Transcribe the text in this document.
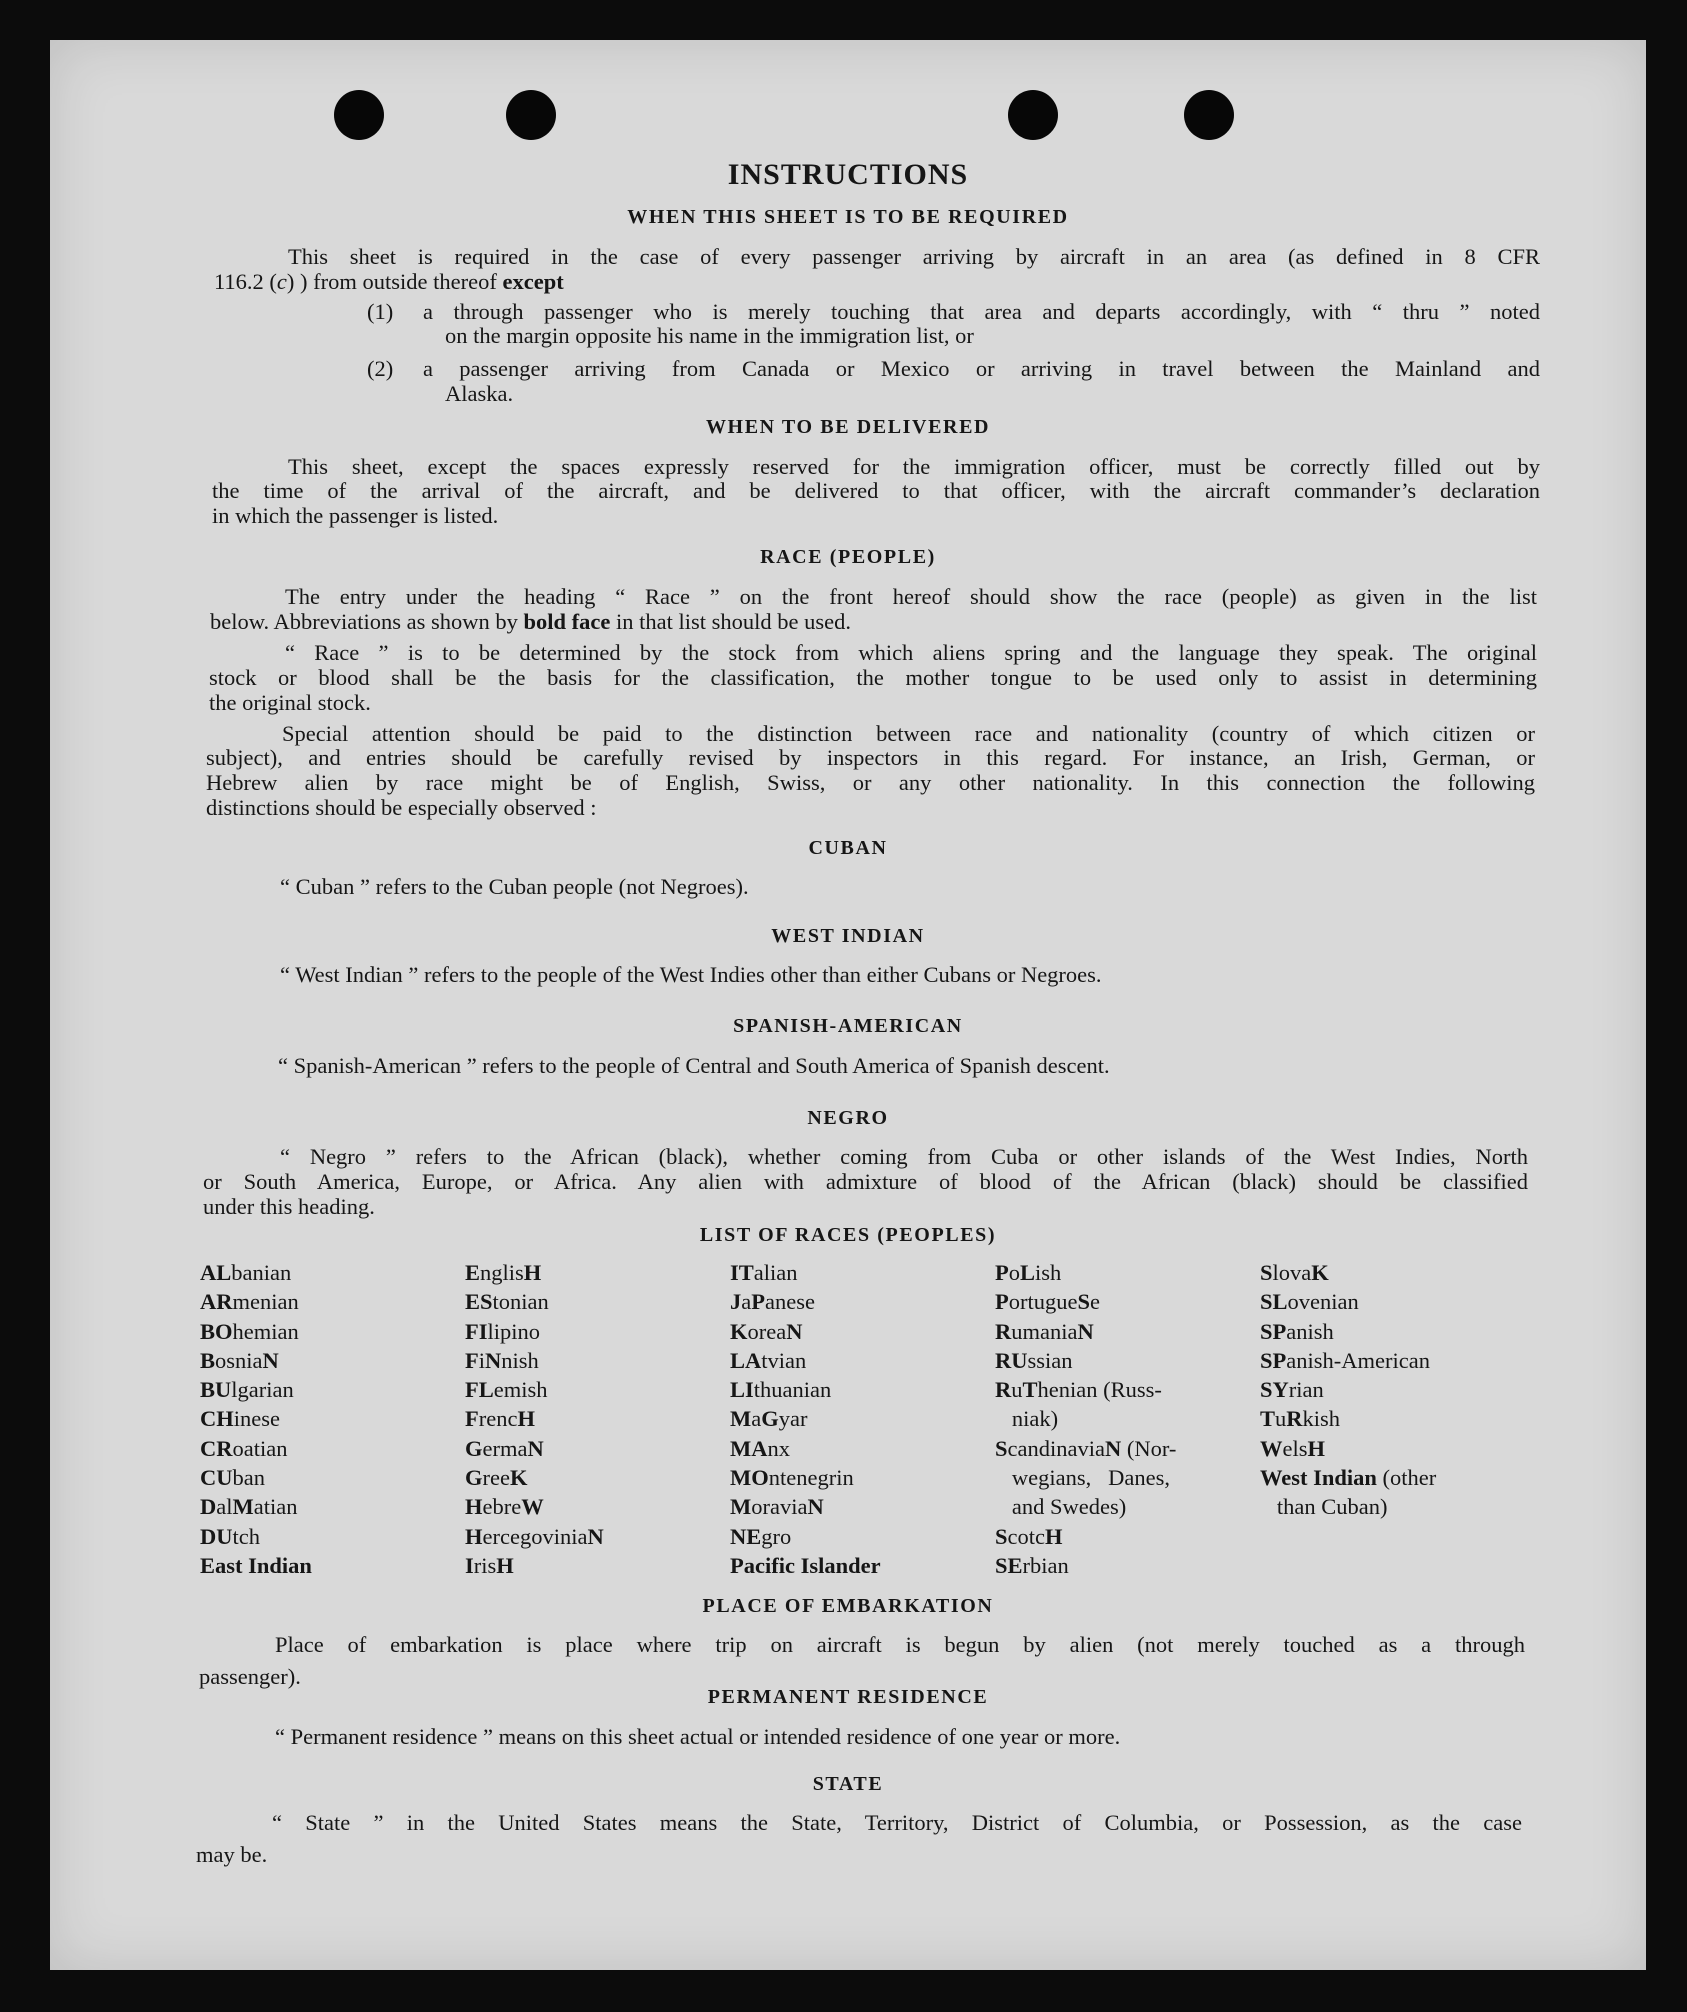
INSTRUCTIONS
WHEN THIS SHEET IS TO BE REQUIRED
This sheet is required in the case of every passenger arriving by aircraft in an area (as defined in 8 CFR
116.2 (c) ) from outside thereof except
(1) a through passenger who is merely touching that area and departs accordingly, with “ thru ” noted
on the margin opposite his name in the immigration list, or
(2) a passenger arriving from Canada or Mexico or arriving in travel between the Mainland and
Alaska.
WHEN TO BE DELIVERED
This sheet, except the spaces expressly reserved for the immigration officer, must be correctly filled out by
the time of the arrival of the aircraft, and be delivered to that officer, with the aircraft commander’s declaration
in which the passenger is listed.
RACE (PEOPLE)
The entry under the heading “ Race ” on the front hereof should show the race (people) as given in the list
below. Abbreviations as shown by bold face in that list should be used.
“ Race ” is to be determined by the stock from which aliens spring and the language they speak. The original
stock or blood shall be the basis for the classification, the mother tongue to be used only to assist in determining
the original stock.
Special attention should be paid to the distinction between race and nationality (country of which citizen or
subject), and entries should be carefully revised by inspectors in this regard. For instance, an Irish, German, or
Hebrew alien by race might be of English, Swiss, or any other nationality. In this connection the following
distinctions should be especially observed :
CUBAN
“ Cuban ” refers to the Cuban people (not Negroes).
WEST INDIAN
“ West Indian ” refers to the people of the West Indies other than either Cubans or Negroes.
SPANISH-AMERICAN
“ Spanish-American ” refers to the people of Central and South America of Spanish descent.
NEGRO
“ Negro ” refers to the African (black), whether coming from Cuba or other islands of the West Indies, North
or South America, Europe, or Africa. Any alien with admixture of blood of the African (black) should be classified
under this heading.
LIST OF RACES (PEOPLES)
ALbanian
ARmenian
BOhemian
BosniaN
BUlgarian
CHinese
CRoatian
CUban
DalMatian
DUtch
East Indian
EnglisH
EStonian
FIlipino
FiNnish
FLemish
FrencH
GermaN
GreeK
HebreW
HercegoviniaN
IrisH
ITalian
JaPanese
KoreaN
LAtvian
LIthuanian
MaGyar
MAnx
MOntenegrin
MoraviaN
NEgro
Pacific Islander
PoLish
PortugueSe
RumaniaN
RUssian
RuThenian (Russ-
niak)
ScandinaviaN (Nor-
wegians,   Danes,
and Swedes)
ScotcH
SErbian
SlovaK
SLovenian
SPanish
SPanish-American
SYrian
TuRkish
WelsH
West Indian (other
than Cuban)
PLACE OF EMBARKATION
Place of embarkation is place where trip on aircraft is begun by alien (not merely touched as a through
passenger).
PERMANENT RESIDENCE
“ Permanent residence ” means on this sheet actual or intended residence of one year or more.
STATE
“ State ” in the United States means the State, Territory, District of Columbia, or Possession, as the case
may be.
